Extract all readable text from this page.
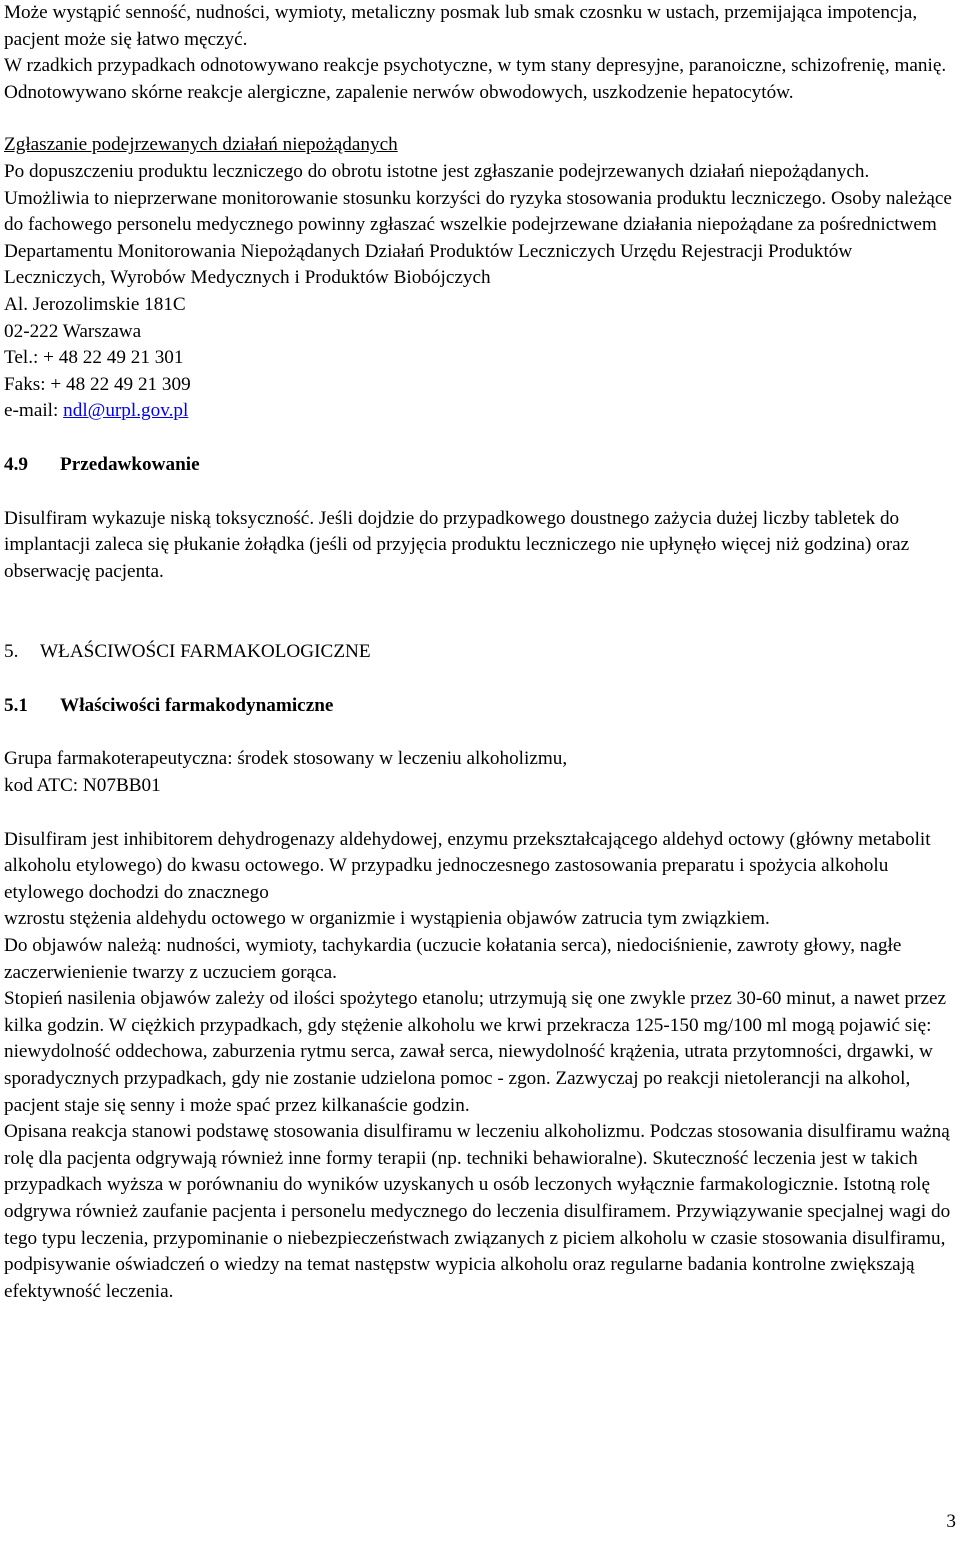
Może wystąpić senność, nudności, wymioty, metaliczny posmak lub smak czosnku w ustach, przemijająca impotencja, pacjent może się łatwo męczyć.

W rzadkich przypadkach odnotowywano reakcje psychotyczne, w tym stany depresyjne, paranoiczne, schizofrenię, manię.

Odnotowywano skórne reakcje alergiczne, zapalenie nerwów obwodowych, uszkodzenie hepatocytów.

Zgłaszanie podejrzewanych działań niepożądanych

Po dopuszczeniu produktu leczniczego do obrotu istotne jest zgłaszanie podejrzewanych działań niepożądanych. Umożliwia to nieprzerwane monitorowanie stosunku korzyści do ryzyka stosowania produktu leczniczego. Osoby należące do fachowego personelu medycznego powinny zgłaszać wszelkie podejrzewane działania niepożądane za pośrednictwem Departamentu Monitorowania Niepożądanych Działań Produktów Leczniczych Urzędu Rejestracji Produktów Leczniczych, Wyrobów Medycznych i Produktów Biobójczych

Al. Jerozolimskie 181C

02-222 Warszawa

Tel.: + 48 22 49 21 301

Faks: + 48 22 49 21 309

e-mail: ndl@urpl.gov.pl

4.9 Przedawkowanie

Disulfiram wykazuje niską toksyczność. Jeśli dojdzie do przypadkowego doustnego zażycia dużej liczby tabletek do implantacji zaleca się płukanie żołądka (jeśli od przyjęcia produktu leczniczego nie upłynęło więcej niż godzina) oraz obserwację pacjenta.

5. WŁAŚCIWOŚCI FARMAKOLOGICZNE

5.1 Właściwości farmakodynamiczne

Grupa farmakoterapeutyczna: środek stosowany w leczeniu alkoholizmu,

kod ATC: N07BB01

Disulfiram jest inhibitorem dehydrogenazy aldehydowej, enzymu przekształcającego aldehyd octowy (główny metabolit alkoholu etylowego) do kwasu octowego. W przypadku jednoczesnego zastosowania preparatu i spożycia alkoholu etylowego dochodzi do znacznego

wzrostu stężenia aldehydu octowego w organizmie i wystąpienia objawów zatrucia tym związkiem.

Do objawów należą: nudności, wymioty, tachykardia (uczucie kołatania serca), niedociśnienie, zawroty głowy, nagłe zaczerwienienie twarzy z uczuciem gorąca.

Stopień nasilenia objawów zależy od ilości spożytego etanolu; utrzymują się one zwykle przez 30-60 minut, a nawet przez kilka godzin. W ciężkich przypadkach, gdy stężenie alkoholu we krwi przekracza 125-150 mg/100 ml mogą pojawić się: niewydolność oddechowa, zaburzenia rytmu serca, zawał serca, niewydolność krążenia, utrata przytomności, drgawki, w sporadycznych przypadkach, gdy nie zostanie udzielona pomoc - zgon. Zazwyczaj po reakcji nietolerancji na alkohol, pacjent staje się senny i może spać przez kilkanaście godzin.

Opisana reakcja stanowi podstawę stosowania disulfiramu w leczeniu alkoholizmu. Podczas stosowania disulfiramu ważną rolę dla pacjenta odgrywają również inne formy terapii (np. techniki behawioralne). Skuteczność leczenia jest w takich przypadkach wyższa w porównaniu do wyników uzyskanych u osób leczonych wyłącznie farmakologicznie. Istotną rolę odgrywa również zaufanie pacjenta i personelu medycznego do leczenia disulfiramem. Przywiązywanie specjalnej wagi do tego typu leczenia, przypominanie o niebezpieczeństwach związanych z piciem alkoholu w czasie stosowania disulfiramu, podpisywanie oświadczeń o wiedzy na temat następstw wypicia alkoholu oraz regularne badania kontrolne zwiększają efektywność leczenia.

3
